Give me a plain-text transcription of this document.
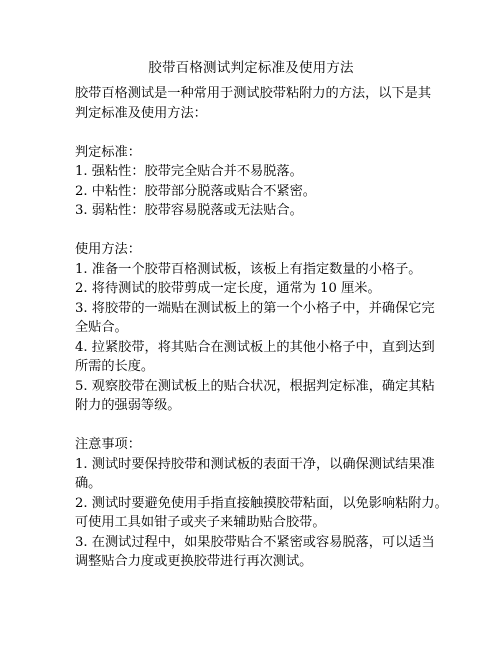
胶带百格测试判定标准及使用方法

胶带百格测试是一种常用于测试胶带粘附力的方法，以下是其
判定标准及使用方法：

判定标准：
1. 强粘性：胶带完全贴合并不易脱落。
2. 中粘性：胶带部分脱落或贴合不紧密。
3. 弱粘性：胶带容易脱落或无法贴合。
使用方法：
1. 准备一个胶带百格测试板，该板上有指定数量的小格子。
2. 将待测试的胶带剪成一定长度，通常为 10 厘米。
3. 将胶带的一端贴在测试板上的第一个小格子中，并确保它完
全贴合。
4. 拉紧胶带，将其贴合在测试板上的其他小格子中，直到达到
所需的长度。
5. 观察胶带在测试板上的贴合状况，根据判定标准，确定其粘
附力的强弱等级。
注意事项：
1. 测试时要保持胶带和测试板的表面干净，以确保测试结果准
确。
2. 测试时要避免使用手指直接触摸胶带粘面，以免影响粘附力。
可使用工具如钳子或夹子来辅助贴合胶带。
3. 在测试过程中，如果胶带贴合不紧密或容易脱落，可以适当
调整贴合力度或更换胶带进行再次测试。
